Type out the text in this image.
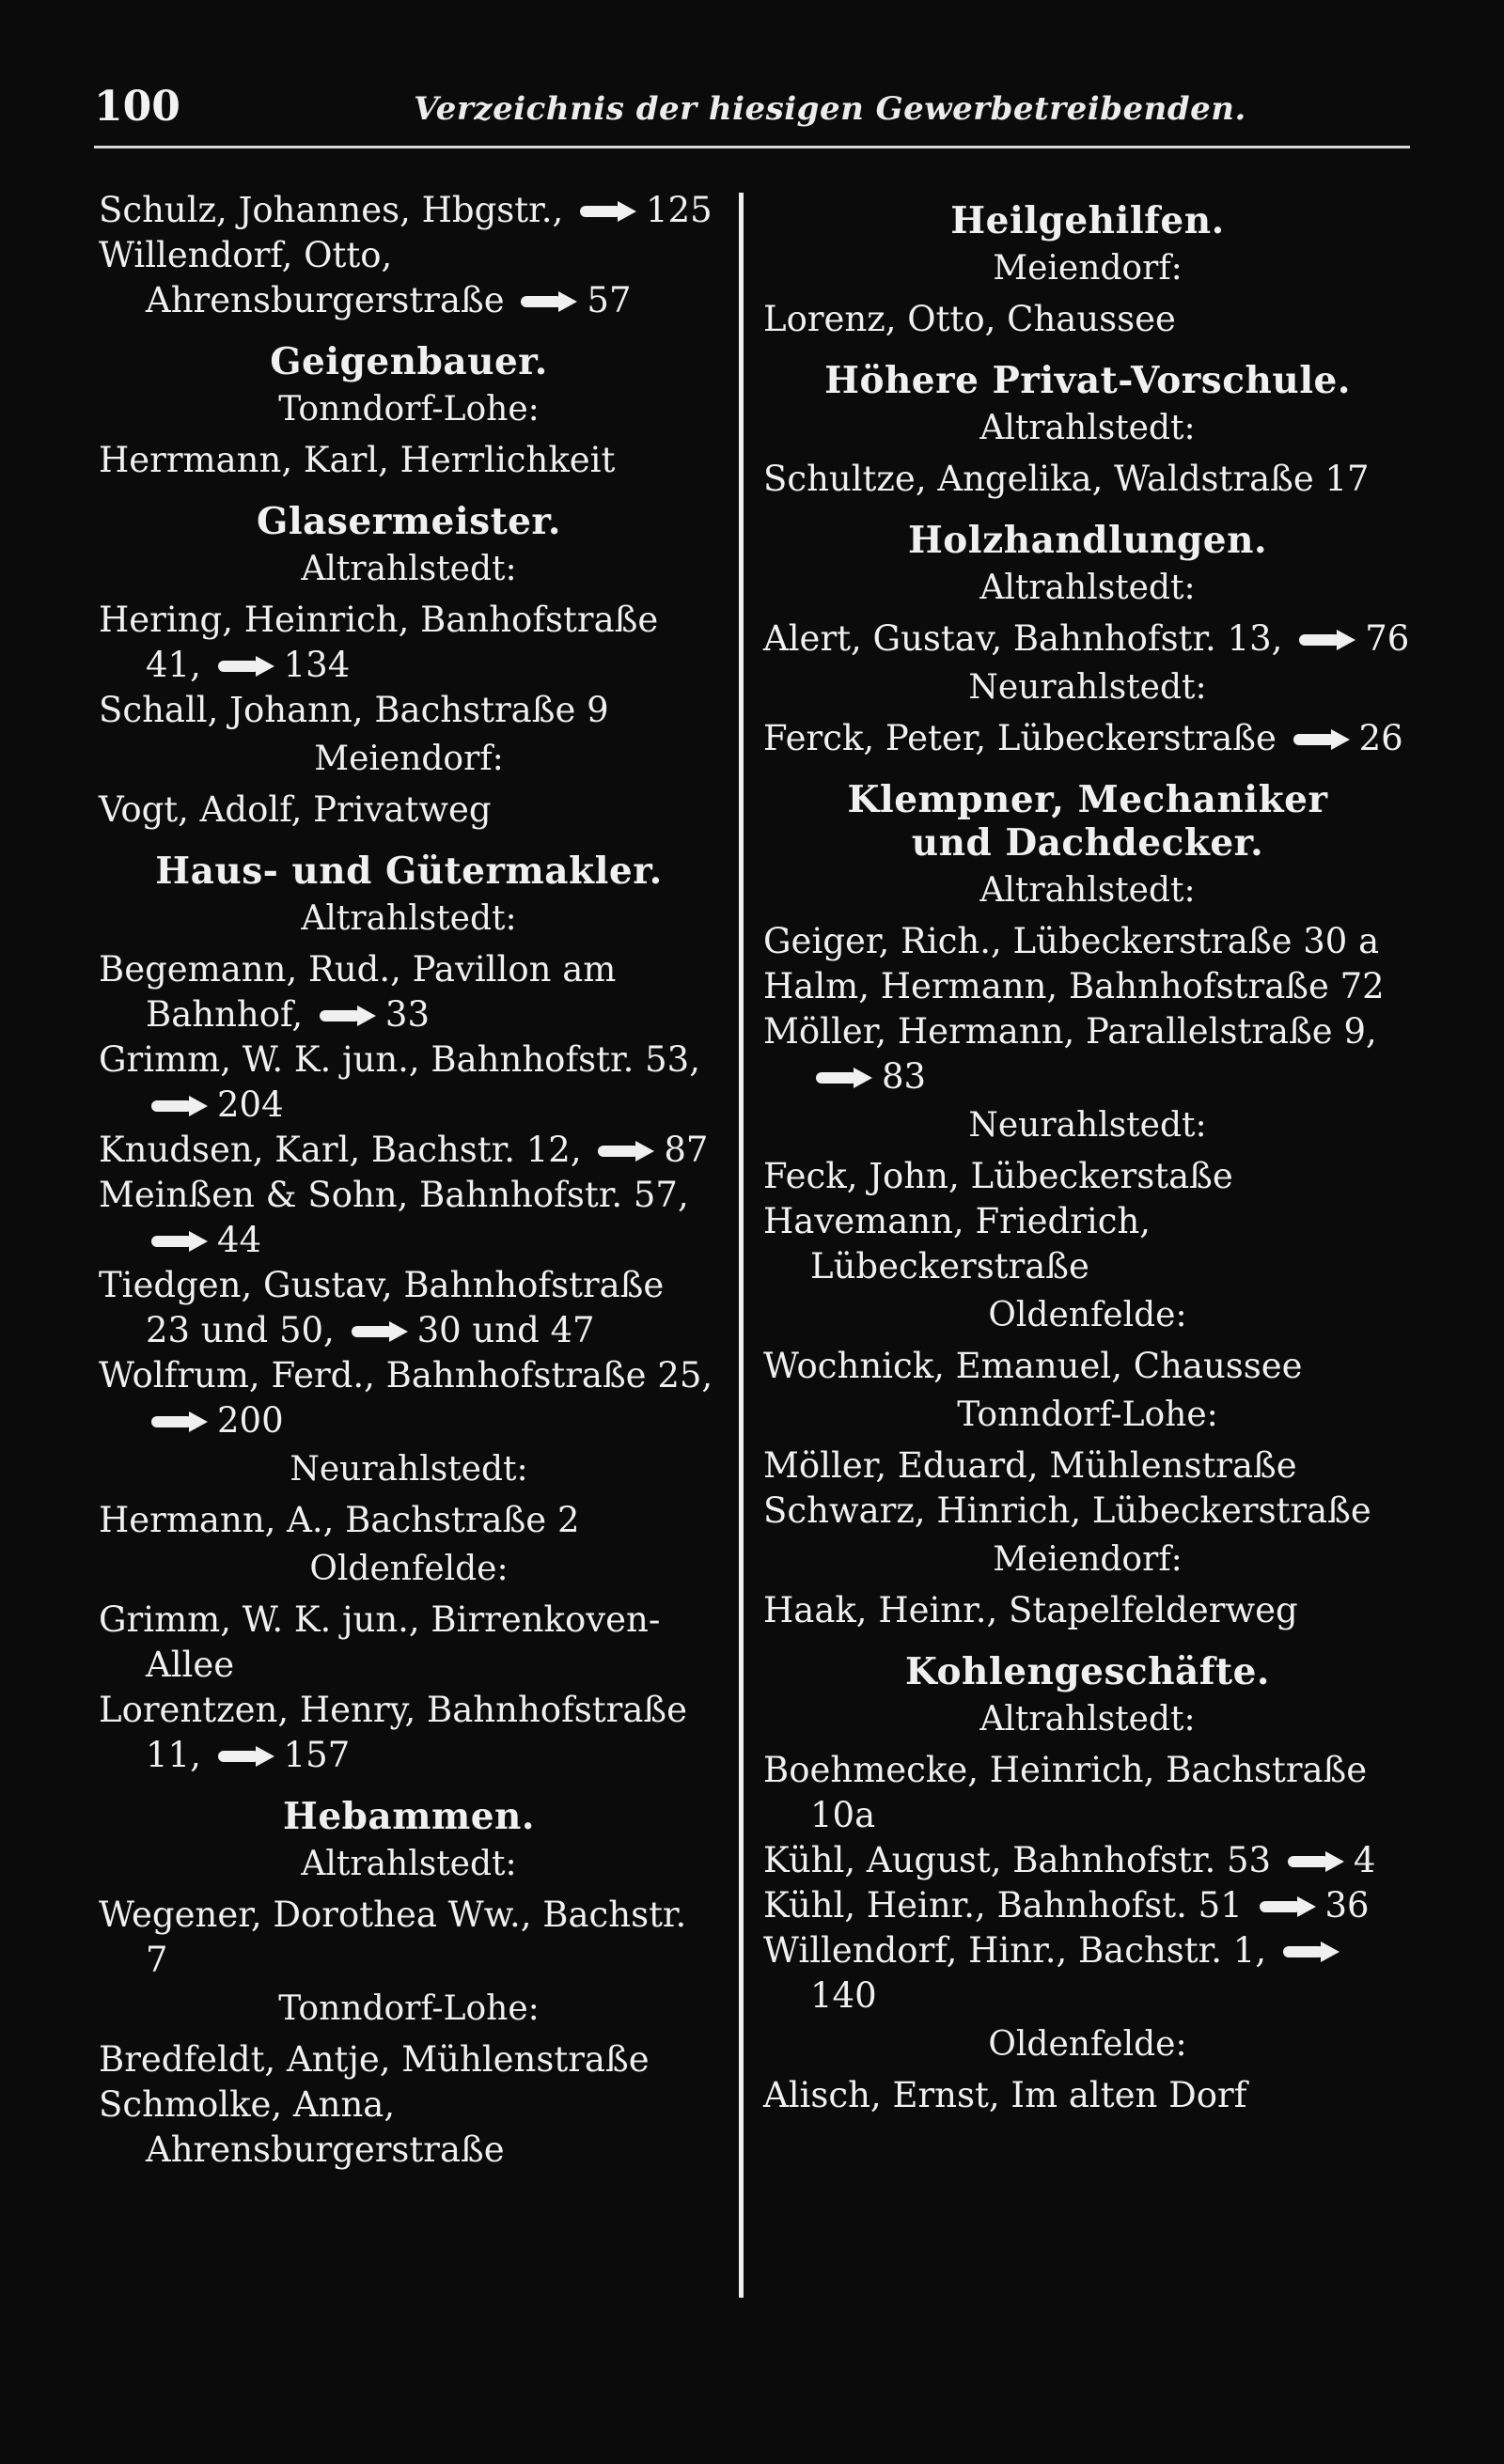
100	Verzeichnis der hiesigen Gewerbetreibenden.
Schulz, Johannes, Hbgstr., 125
Willendorf, Otto, Ahrensburgerstraße 57
Geigenbauer.
Tonndorf-Lohe:
Herrmann, Karl, Herrlichkeit
Glasermeister.
Altrahlstedt:
Hering, Heinrich, Banhofstraße 41, 134
Schall, Johann, Bachstraße 9
Meiendorf:
Vogt, Adolf, Privatweg
Haus- und Gütermakler.
Altrahlstedt:
Begemann, Rud., Pavillon am Bahnhof, 33
Grimm, W. K. jun., Bahnhofstr. 53, 204
Knudsen, Karl, Bachstr. 12, 87
Meinßen & Sohn, Bahnhofstr. 57, 44
Tiedgen, Gustav, Bahnhofstraße 23 und 50, 30 und 47
Wolfrum, Ferd., Bahnhofstraße 25, 200
Neurahlstedt:
Hermann, A., Bachstraße 2
Oldenfelde:
Grimm, W. K. jun., Birrenkoven-Allee
Lorentzen, Henry, Bahnhofstraße 11, 157
Hebammen.
Altrahlstedt:
Wegener, Dorothea Ww., Bachstr. 7
Tonndorf-Lohe:
Bredfeldt, Antje, Mühlenstraße
Schmolke, Anna, Ahrensburgerstraße
Heilgehilfen.
Meiendorf:
Lorenz, Otto, Chaussee
Höhere Privat-Vorschule.
Altrahlstedt:
Schultze, Angelika, Waldstraße 17
Holzhandlungen.
Altrahlstedt:
Alert, Gustav, Bahnhofstr. 13, 76
Neurahlstedt:
Ferck, Peter, Lübeckerstraße 26
Klempner, Mechaniker
und Dachdecker.
Altrahlstedt:
Geiger, Rich., Lübeckerstraße 30 a
Halm, Hermann, Bahnhofstraße 72
Möller, Hermann, Parallelstraße 9, 83
Neurahlstedt:
Feck, John, Lübeckerstaße
Havemann, Friedrich, Lübeckerstraße
Oldenfelde:
Wochnick, Emanuel, Chaussee
Tonndorf-Lohe:
Möller, Eduard, Mühlenstraße
Schwarz, Hinrich, Lübeckerstraße
Meiendorf:
Haak, Heinr., Stapelfelderweg
Kohlengeschäfte.
Altrahlstedt:
Boehmecke, Heinrich, Bachstraße 10a
Kühl, August, Bahnhofstr. 53 4
Kühl, Heinr., Bahnhofst. 51 36
Willendorf, Hinr., Bachstr. 1, 140
Oldenfelde:
Alisch, Ernst, Im alten Dorf
